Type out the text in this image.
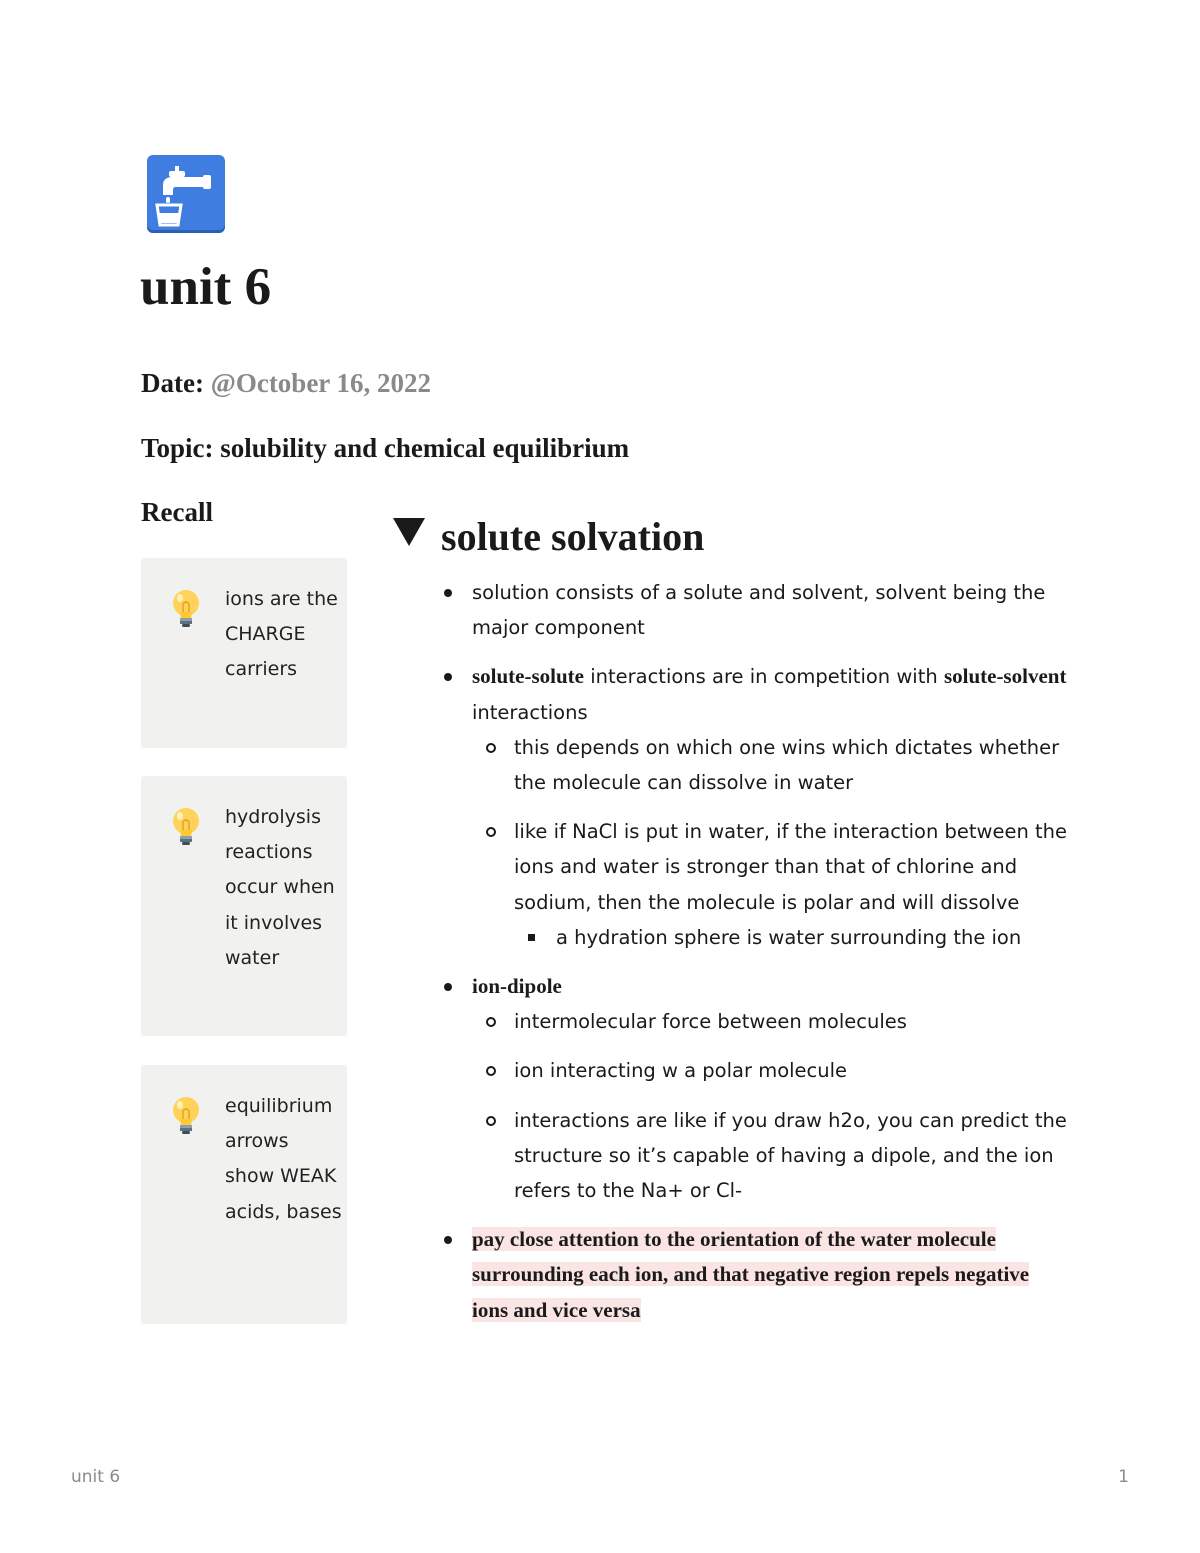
unit 6

Date: @October 16, 2022

Topic: solubility and chemical equilibrium

Recall
ions are the CHARGE carriers
hydrolysis reactions occur when it involves water
equilibrium arrows show WEAK acids, bases
solute solvation
solution consists of a solute and solvent, solvent being the major component
solute-solute interactions are in competition with solute-solvent interactions
this depends on which one wins which dictates whether the molecule can dissolve in water
like if NaCl is put in water, if the interaction between the ions and water is stronger than that of chlorine and sodium, then the molecule is polar and will dissolve
a hydration sphere is water surrounding the ion
ion-dipole
intermolecular force between molecules
ion interacting w a polar molecule
interactions are like if you draw h2o, you can predict the structure so it’s capable of having a dipole, and the ion refers to the Na+ or Cl-
pay close attention to the orientation of the water molecule surrounding each ion, and that negative region repels negative ions and vice versa
unit 6	1
